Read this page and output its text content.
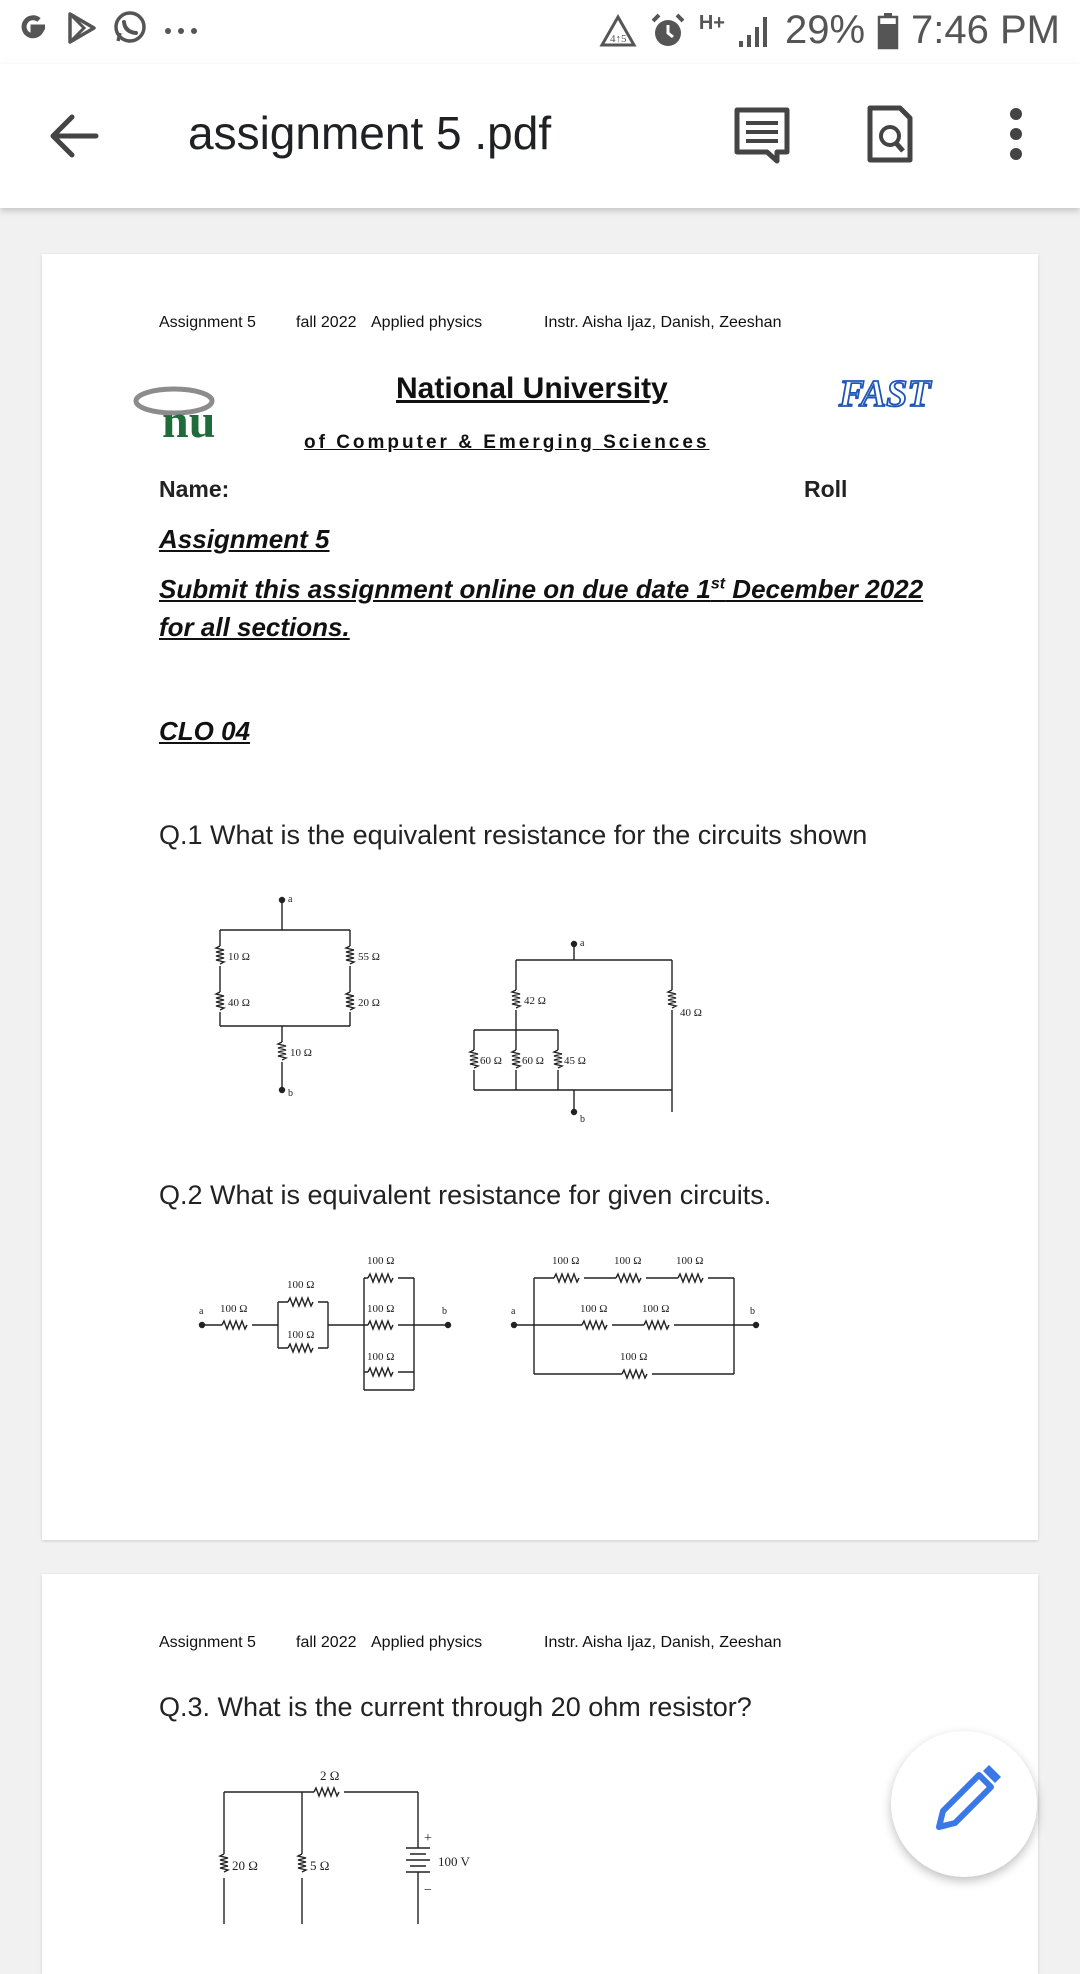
4↑5
H+ 29% 7:46 PM
assignment 5 .pdf
Assignment 5	fall 2022 Applied physics	Instr. Aisha Ijaz, Danish, Zeeshan
nu
National University
of Computer & Emerging Sciences
FAST
Name:	Roll
Assignment 5
Submit this assignment online on due date 1st December 2022
for all sections.
CLO 04
Q.1 What is the equivalent resistance for the circuits shown
a
10 Ω
40 Ω
55 Ω
20 Ω
10 Ω
b
a
42 Ω
60 Ω 60 Ω 45 Ω
40 Ω
b
Q.2 What is equivalent resistance for given circuits.
a 100 Ω
100 Ω
100 Ω
100 Ω
100 Ω
100 Ω
b	a
100 Ω	100 Ω	100 Ω
100 Ω	100 Ω
100 Ω
b
Assignment 5	fall 2022 Applied physics	Instr. Aisha Ijaz, Danish, Zeeshan
Q.3. What is the current through 20 ohm resistor?
2 Ω
20 Ω	5 Ω	100 V
+
−
